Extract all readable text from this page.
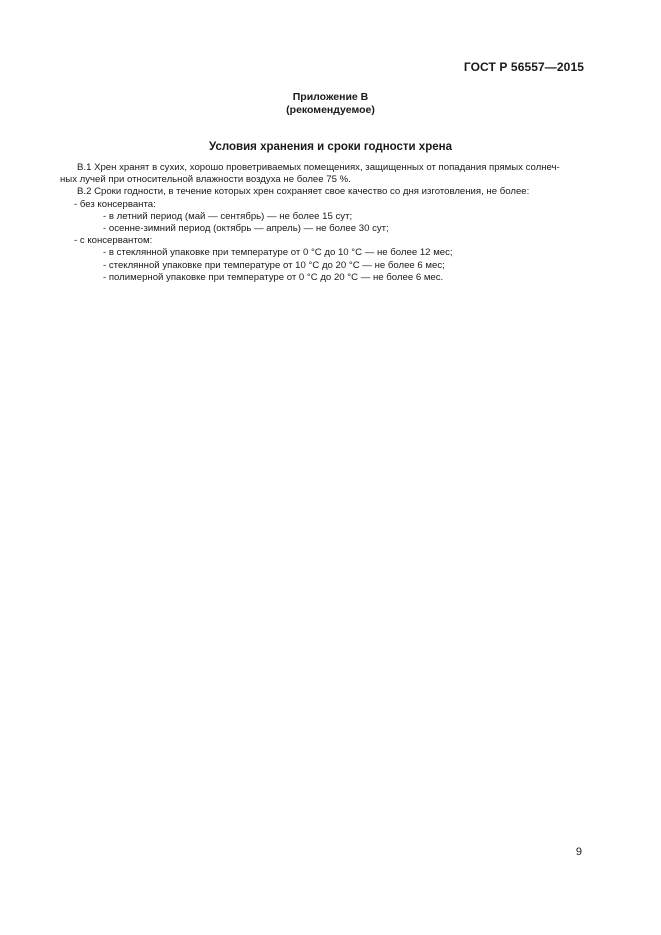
ГОСТ Р 56557—2015
Приложение В
(рекомендуемое)
Условия хранения и сроки годности хрена
В.1 Хрен хранят в сухих, хорошо проветриваемых помещениях, защищенных от попадания прямых солнеч-
ных лучей при относительной влажности воздуха не более 75 %.
В.2 Сроки годности, в течение которых хрен сохраняет свое качество со дня изготовления, не более:
- без консерванта:
- в летний период (май — сентябрь) — не более 15 сут;
- осенне-зимний период (октябрь — апрель) — не более 30 сут;
- с консервантом:
- в стеклянной упаковке при температуре от 0 °С до 10 °С — не более 12 мес;
- стеклянной упаковке при температуре от 10 °С до 20 °С — не более 6 мес;
- полимерной упаковке при температуре от 0 °С до 20 °С — не более 6 мес.
9
